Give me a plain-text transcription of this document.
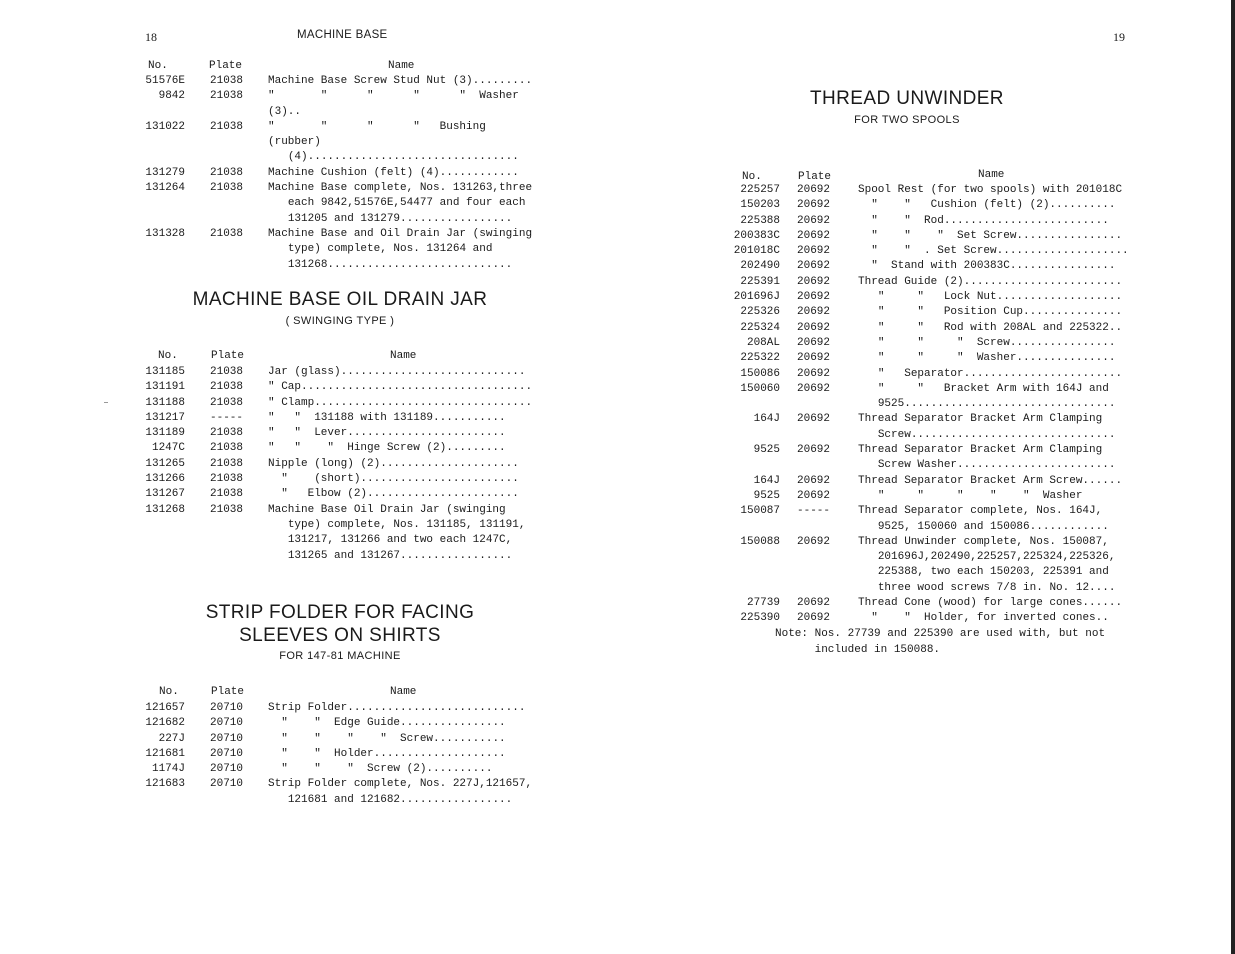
18	MACHINE BASE
No.	Plate	Name
51576E 21038 Machine Base Screw Stud Nut (3).........
9842 21038 "       "      "      "      "  Washer (3)..
131022 21038 "       "      "      "   Bushing (rubber)
(4)................................
131279 21038 Machine Cushion (felt) (4)............
131264 21038 Machine Base complete, Nos. 131263,three
each 9842,51576E,54477 and four each
131205 and 131279.................
131328 21038 Machine Base and Oil Drain Jar (swinging
type) complete, Nos. 131264 and
131268............................
MACHINE BASE OIL DRAIN JAR
( SWINGING TYPE )
No.	Plate	Name
131185 21038 Jar (glass)............................
131191 21038 " Cap...................................
131188 21038 " Clamp.................................
131217 ----- "   "  131188 with 131189...........
131189 21038 "   "  Lever........................
1247C 21038 "   "    "  Hinge Screw (2).........
131265 21038 Nipple (long) (2).....................
131266 21038 "    (short)........................
131267 21038 "   Elbow (2).......................
131268 21038 Machine Base Oil Drain Jar (swinging
type) complete, Nos. 131185, 131191,
131217, 131266 and two each 1247C,
131265 and 131267.................
STRIP FOLDER FOR FACING
SLEEVES ON SHIRTS
FOR 147-81 MACHINE
No.	Plate	Name
121657 20710 Strip Folder...........................
121682 20710 "    "  Edge Guide................
227J 20710 "    "    "    "  Screw...........
121681 20710 "    "  Holder....................
1174J 20710 "    "    "  Screw (2)..........
121683 20710 Strip Folder complete, Nos. 227J,121657,
121681 and 121682.................
19
THREAD UNWINDER
FOR TWO SPOOLS
No.	Plate	Name
225257 20692	Spool Rest (for two spools) with 201018C
150203 20692	"    "   Cushion (felt) (2)..........
225388 20692	"    "  Rod.........................
200383C 20692	"    "    "  Set Screw................
201018C 20692	"    "  . Set Screw....................
202490 20692	"  Stand with 200383C................
225391 20692	Thread Guide (2)........................
201696J 20692	"     "   Lock Nut...................
225326 20692	"     "   Position Cup...............
225324 20692	"     "   Rod with 208AL and 225322..
208AL 20692	"     "     "  Screw................
225322 20692	"     "     "  Washer...............
150086 20692	"   Separator........................
150060 20692	"     "   Bracket Arm with 164J and
9525................................
164J 20692	Thread Separator Bracket Arm Clamping
Screw...............................
9525 20692	Thread Separator Bracket Arm Clamping
Screw Washer........................
164J 20692	Thread Separator Bracket Arm Screw......
9525 20692	"     "     "    "    "  Washer
150087 -----	Thread Separator complete, Nos. 164J,
9525, 150060 and 150086............
150088 20692	Thread Unwinder complete, Nos. 150087,
201696J,202490,225257,225324,225326,
225388, two each 150203, 225391 and
three wood screws 7/8 in. No. 12....
27739 20692	Thread Cone (wood) for large cones......
225390 20692	"    "  Holder, for inverted cones..
Note: Nos. 27739 and 225390 are used with, but not
included in 150088.
